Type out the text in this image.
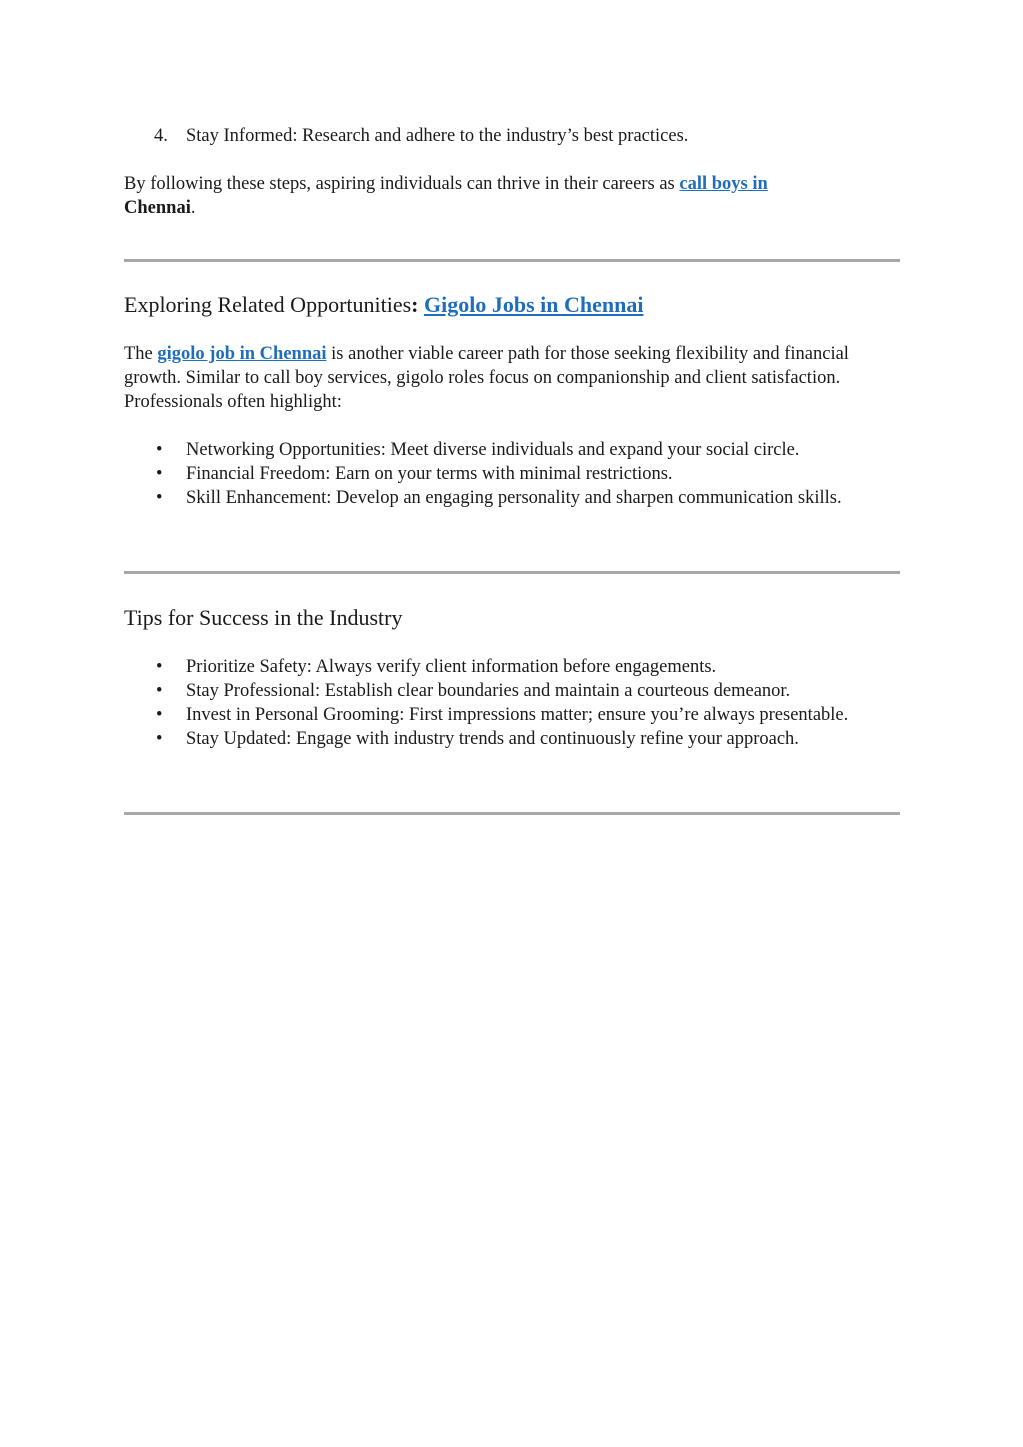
4. Stay Informed: Research and adhere to the industry’s best practices.
By following these steps, aspiring individuals can thrive in their careers as call boys in
Chennai.
Exploring Related Opportunities: Gigolo Jobs in Chennai
The gigolo job in Chennai is another viable career path for those seeking flexibility and financial growth. Similar to call boy services, gigolo roles focus on companionship and client satisfaction. Professionals often highlight:
• Networking Opportunities: Meet diverse individuals and expand your social circle.
• Financial Freedom: Earn on your terms with minimal restrictions.
• Skill Enhancement: Develop an engaging personality and sharpen communication skills.
Tips for Success in the Industry
• Prioritize Safety: Always verify client information before engagements.
• Stay Professional: Establish clear boundaries and maintain a courteous demeanor.
• Invest in Personal Grooming: First impressions matter; ensure you’re always presentable.
• Stay Updated: Engage with industry trends and continuously refine your approach.
